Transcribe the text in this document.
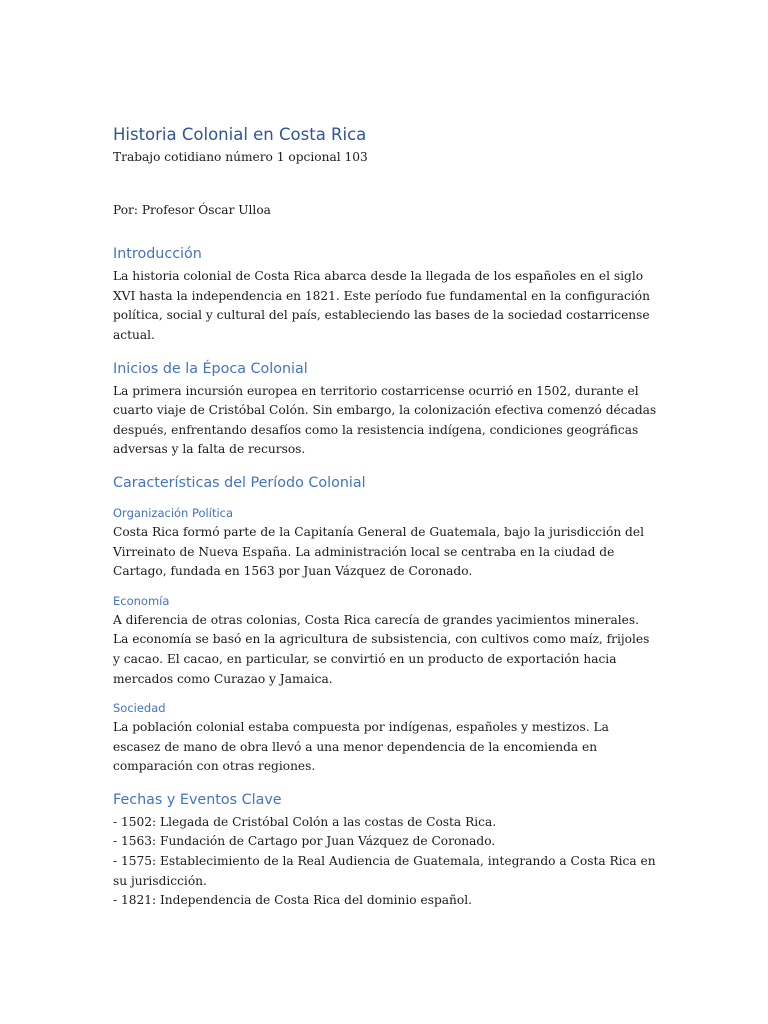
Historia Colonial en Costa Rica

Trabajo cotidiano número 1 opcional 103

Por: Profesor Óscar Ulloa

Introducción

La historia colonial de Costa Rica abarca desde la llegada de los españoles en el siglo XVI hasta la independencia en 1821. Este período fue fundamental en la configuración política, social y cultural del país, estableciendo las bases de la sociedad costarricense actual.

Inicios de la Época Colonial

La primera incursión europea en territorio costarricense ocurrió en 1502, durante el cuarto viaje de Cristóbal Colón. Sin embargo, la colonización efectiva comenzó décadas después, enfrentando desafíos como la resistencia indígena, condiciones geográficas adversas y la falta de recursos.

Características del Período Colonial
Organización Política

Costa Rica formó parte de la Capitanía General de Guatemala, bajo la jurisdicción del Virreinato de Nueva España. La administración local se centraba en la ciudad de Cartago, fundada en 1563 por Juan Vázquez de Coronado.

Economía

A diferencia de otras colonias, Costa Rica carecía de grandes yacimientos minerales. La economía se basó en la agricultura de subsistencia, con cultivos como maíz, frijoles y cacao. El cacao, en particular, se convirtió en un producto de exportación hacia mercados como Curazao y Jamaica.

Sociedad

La población colonial estaba compuesta por indígenas, españoles y mestizos. La escasez de mano de obra llevó a una menor dependencia de la encomienda en comparación con otras regiones.

Fechas y Eventos Clave

- 1502: Llegada de Cristóbal Colón a las costas de Costa Rica.

- 1563: Fundación de Cartago por Juan Vázquez de Coronado.

- 1575: Establecimiento de la Real Audiencia de Guatemala, integrando a Costa Rica en su jurisdicción.

- 1821: Independencia de Costa Rica del dominio español.
